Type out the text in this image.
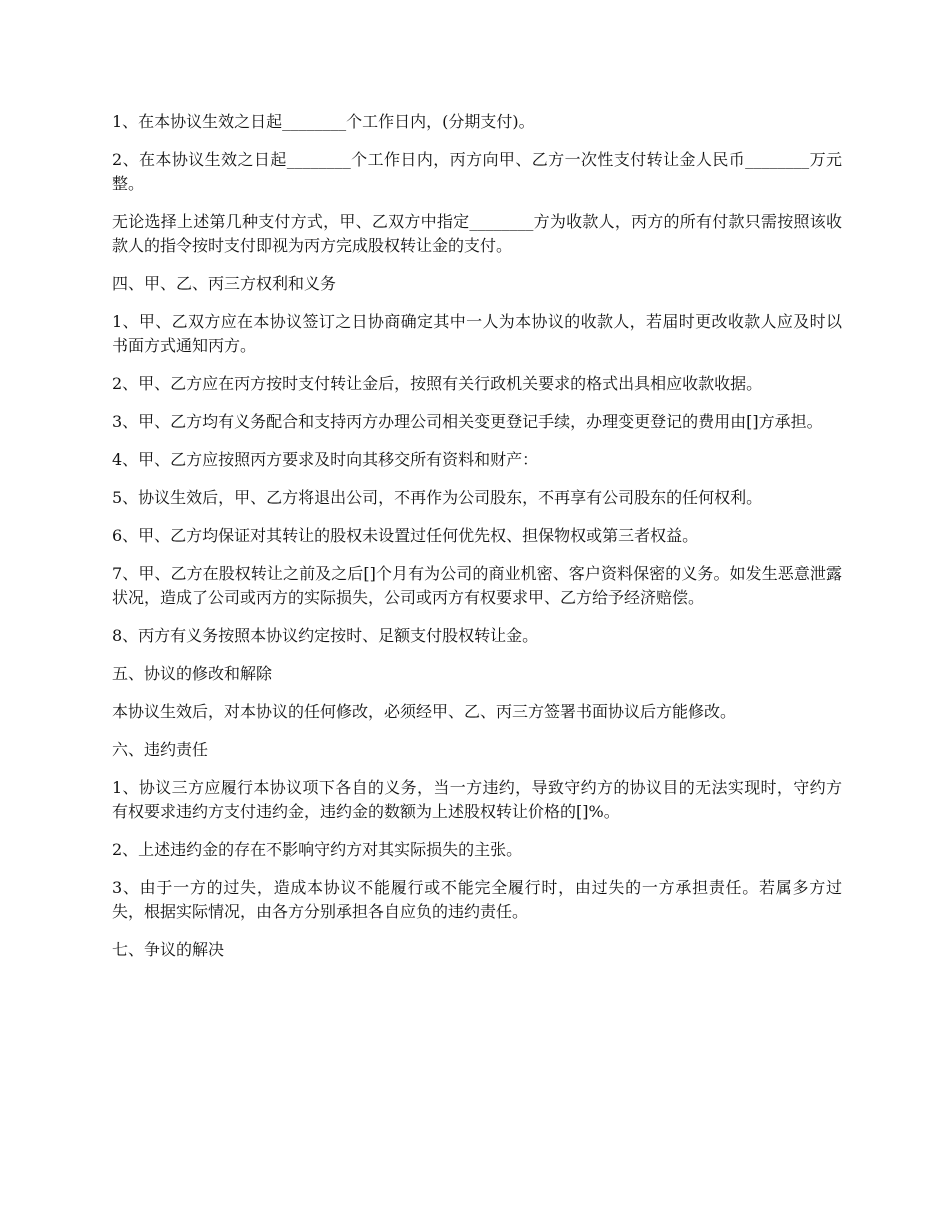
1、在本协议生效之日起________个工作日内，(分期支付)。

2、在本协议生效之日起________个工作日内，丙方向甲、乙方一次性支付转让金人民币________万元整。

无论选择上述第几种支付方式，甲、乙双方中指定________方为收款人，丙方的所有付款只需按照该收款人的指令按时支付即视为丙方完成股权转让金的支付。

四、甲、乙、丙三方权利和义务

1、甲、乙双方应在本协议签订之日协商确定其中一人为本协议的收款人，若届时更改收款人应及时以书面方式通知丙方。

2、甲、乙方应在丙方按时支付转让金后，按照有关行政机关要求的格式出具相应收款收据。

3、甲、乙方均有义务配合和支持丙方办理公司相关变更登记手续，办理变更登记的费用由[]方承担。

4、甲、乙方应按照丙方要求及时向其移交所有资料和财产：

5、协议生效后，甲、乙方将退出公司，不再作为公司股东，不再享有公司股东的任何权利。

6、甲、乙方均保证对其转让的股权未设置过任何优先权、担保物权或第三者权益。

7、甲、乙方在股权转让之前及之后[]个月有为公司的商业机密、客户资料保密的义务。如发生恶意泄露状况，造成了公司或丙方的实际损失，公司或丙方有权要求甲、乙方给予经济赔偿。

8、丙方有义务按照本协议约定按时、足额支付股权转让金。

五、协议的修改和解除

本协议生效后，对本协议的任何修改，必须经甲、乙、丙三方签署书面协议后方能修改。

六、违约责任

1、协议三方应履行本协议项下各自的义务，当一方违约，导致守约方的协议目的无法实现时，守约方有权要求违约方支付违约金，违约金的数额为上述股权转让价格的[]%。

2、上述违约金的存在不影响守约方对其实际损失的主张。

3、由于一方的过失，造成本协议不能履行或不能完全履行时，由过失的一方承担责任。若属多方过失，根据实际情况，由各方分别承担各自应负的违约责任。

七、争议的解决
